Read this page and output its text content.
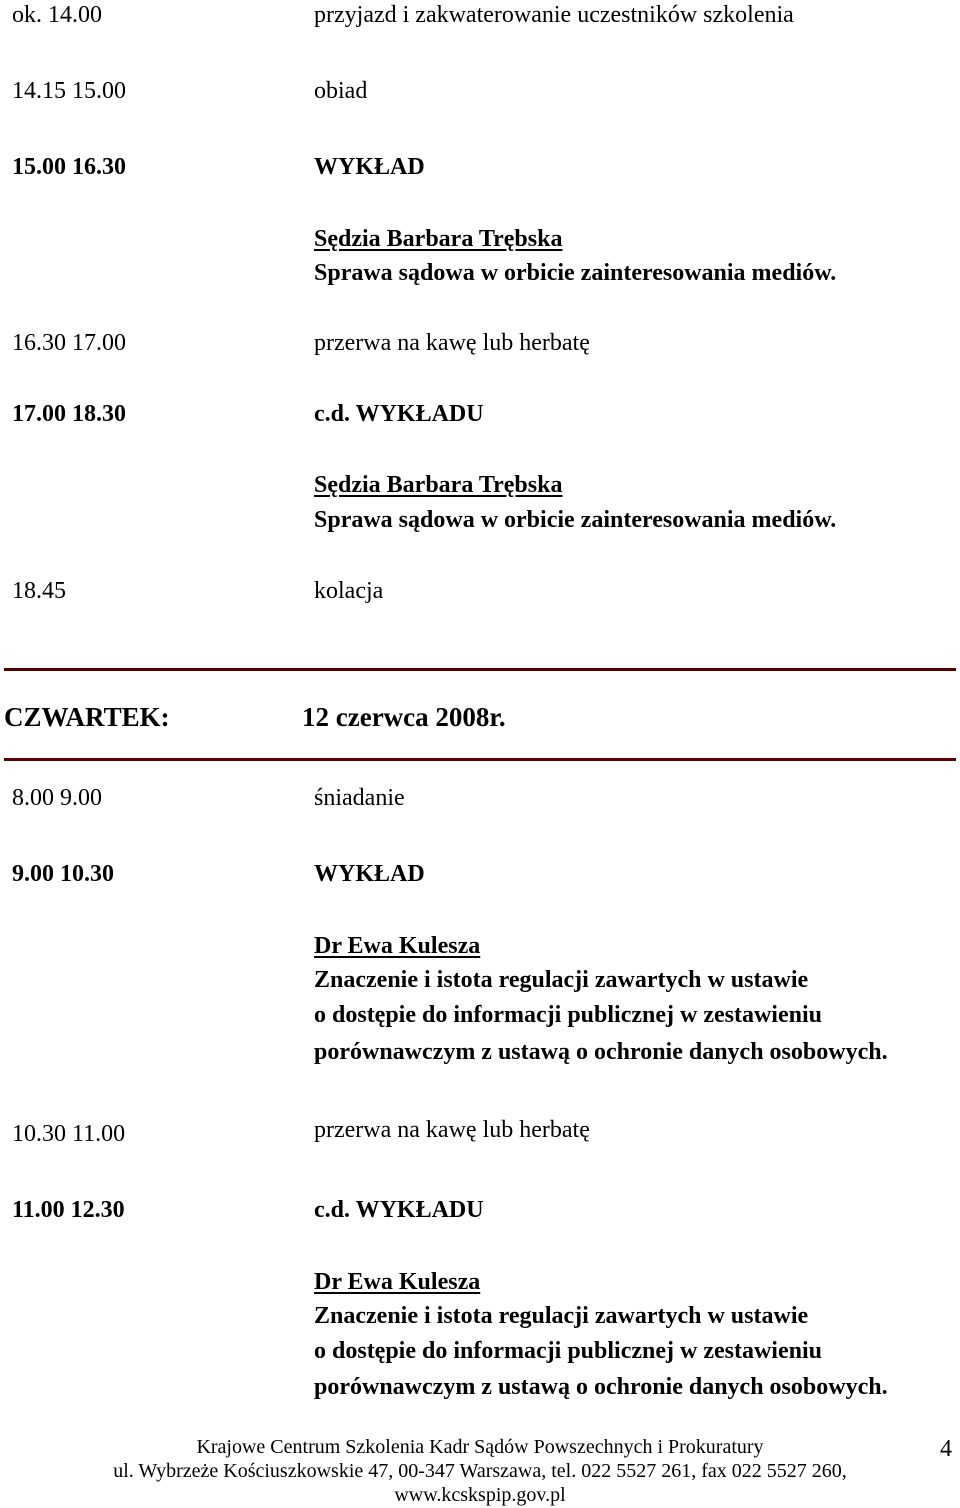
ok. 14.00	przyjazd i zakwaterowanie uczestników szkolenia
14.15 15.00	obiad
15.00 16.30	WYKŁAD
Sędzia Barbara Trębska
Sprawa sądowa w orbicie zainteresowania mediów.
16.30 17.00	przerwa na kawę lub herbatę
17.00 18.30	c.d. WYKŁADU
Sędzia Barbara Trębska
Sprawa sądowa w orbicie zainteresowania mediów.
18.45	kolacja
CZWARTEK:	12 czerwca 2008r.
8.00 9.00	śniadanie
9.00 10.30	WYKŁAD
Dr Ewa Kulesza
Znaczenie i istota regulacji zawartych w ustawie
o dostępie do informacji publicznej w zestawieniu
porównawczym z ustawą o ochronie danych osobowych.
10.30 11.00	przerwa na kawę lub herbatę
11.00 12.30	c.d. WYKŁADU
Dr Ewa Kulesza
Znaczenie i istota regulacji zawartych w ustawie
o dostępie do informacji publicznej w zestawieniu
porównawczym z ustawą o ochronie danych osobowych.
Krajowe Centrum Szkolenia Kadr Sądów Powszechnych i Prokuratury
ul. Wybrzeże Kościuszkowskie 47, 00-347 Warszawa, tel. 022 5527 261, fax 022 5527 260,
www.kcskspip.gov.pl
4
